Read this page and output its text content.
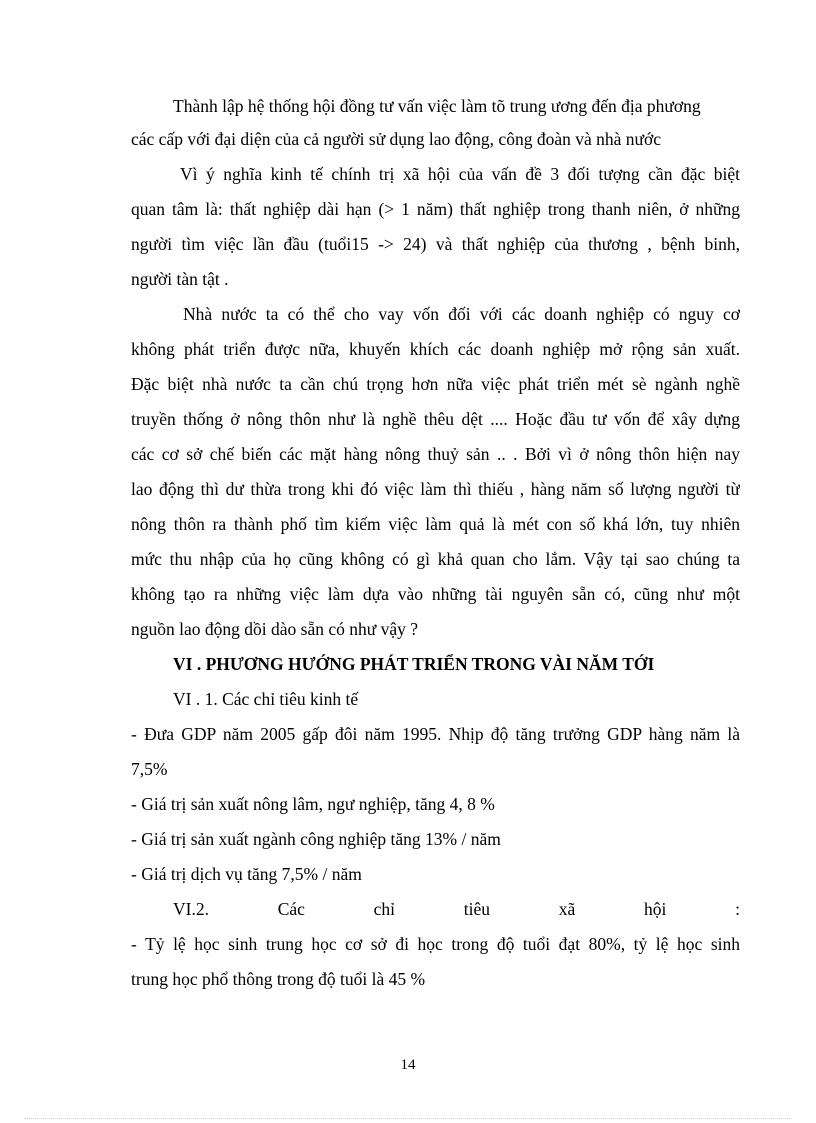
Thành lập hệ thống hội đồng tư vấn việc làm tõ trung ương đến địa phương
các cấp với đại diện của cả người sử dụng lao động, công đoàn và nhà nước
Vì ý nghĩa kinh tế chính trị xã hội của vấn đề 3 đối tượng cần đặc biệt
quan tâm là: thất nghiệp dài hạn (> 1 năm) thất nghiệp trong thanh niên, ở những
người tìm việc lần đầu (tuổi15 -> 24) và thất nghiệp của thương , bệnh binh,
người tàn tật .
Nhà nước ta có thể cho vay vốn đối với các doanh nghiệp có nguy cơ
không phát triển được nữa, khuyến khích các doanh nghiệp mở rộng sản xuất.
Đặc biệt nhà nước ta cần chú trọng hơn nữa việc phát triển mét sè ngành nghề
truyền thống ở nông thôn như là nghề thêu dệt .... Hoặc đầu tư vốn để xây dựng
các cơ sở chế biến các mặt hàng nông thuỷ sản .. . Bởi vì ở nông thôn hiện nay
lao động thì dư thừa trong khi đó việc làm thì thiếu , hàng năm số lượng người từ
nông thôn ra thành phố tìm kiếm việc làm quả là mét con số khá lớn, tuy nhiên
mức thu nhập của họ cũng không có gì khả quan cho lắm. Vậy tại sao chúng ta
không tạo ra những việc làm dựa vào những tài nguyên sẵn có, cũng như một
nguồn lao động dồi dào sẵn có như vậy ?
VI . PHƯƠNG HƯỚNG PHÁT TRIỂN TRONG VÀI NĂM TỚI
VI . 1. Các chỉ tiêu kinh tế
- Đưa GDP năm 2005 gấp đôi năm 1995. Nhịp độ tăng trưởng GDP hàng năm là
7,5%
- Giá trị sản xuất nông lâm, ngư nghiệp, tăng 4, 8 %
- Giá trị sản xuất ngành công nghiệp tăng 13% / năm
- Giá trị dịch vụ tăng 7,5% / năm
VI.2. Các chỉ tiêu xã hội :
- Tỷ lệ học sinh trung học cơ sở đi học trong độ tuổi đạt 80%, tỷ lệ học sinh
trung học phổ thông trong độ tuổi là 45 %
14
